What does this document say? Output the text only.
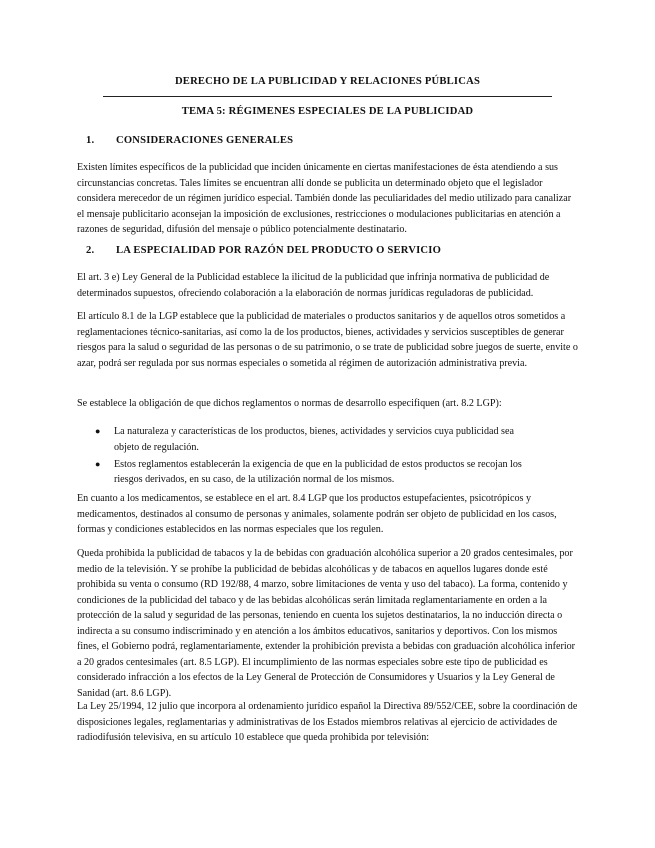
DERECHO DE LA PUBLICIDAD Y RELACIONES PÚBLICAS
TEMA 5: RÉGIMENES ESPECIALES DE LA PUBLICIDAD
1. CONSIDERACIONES GENERALES

Existen límites específicos de la publicidad que inciden únicamente en ciertas manifestaciones de ésta atendiendo a sus circunstancias concretas. Tales límites se encuentran allí donde se publicita un determinado objeto que el legislador considera merecedor de un régimen jurídico especial. También donde las peculiaridades del medio utilizado para canalizar el mensaje publicitario aconsejan la imposición de exclusiones, restricciones o modulaciones publicitarias en atención a razones de seguridad, difusión del mensaje o público potencialmente destinatario.

2. LA ESPECIALIDAD POR RAZÓN DEL PRODUCTO O SERVICIO

El art. 3 e) Ley General de la Publicidad establece la ilicitud de la publicidad que infrinja normativa de publicidad de determinados supuestos, ofreciendo colaboración a la elaboración de normas jurídicas reguladoras de publicidad.

El artículo 8.1 de la LGP establece que la publicidad de materiales o productos sanitarios y de aquellos otros sometidos a reglamentaciones técnico-sanitarias, así como la de los productos, bienes, actividades y servicios susceptibles de generar riesgos para la salud o seguridad de las personas o de su patrimonio, o se trate de publicidad sobre juegos de suerte, envite o azar, podrá ser regulada por sus normas especiales o sometida al régimen de autorización administrativa previa.

Se establece la obligación de que dichos reglamentos o normas de desarrollo especifiquen (art. 8.2 LGP):

● La naturaleza y características de los productos, bienes, actividades y servicios cuya publicidad sea objeto de regulación.
● Estos reglamentos establecerán la exigencia de que en la publicidad de estos productos se recojan los riesgos derivados, en su caso, de la utilización normal de los mismos.

En cuanto a los medicamentos, se establece en el art. 8.4 LGP que los productos estupefacientes, psicotrópicos y medicamentos, destinados al consumo de personas y animales, solamente podrán ser objeto de publicidad en los casos, formas y condiciones establecidos en las normas especiales que los regulen.

Queda prohibida la publicidad de tabacos y la de bebidas con graduación alcohólica superior a 20 grados centesimales, por medio de la televisión. Y se prohíbe la publicidad de bebidas alcohólicas y de tabacos en aquellos lugares donde esté prohibida su venta o consumo (RD 192/88, 4 marzo, sobre limitaciones de venta y uso del tabaco). La forma, contenido y condiciones de la publicidad del tabaco y de las bebidas alcohólicas serán limitada reglamentariamente en orden a la protección de la salud y seguridad de las personas, teniendo en cuenta los sujetos destinatarios, la no inducción directa o indirecta a su consumo indiscriminado y en atención a los ámbitos educativos, sanitarios y deportivos. Con los mismos fines, el Gobierno podrá, reglamentariamente, extender la prohibición prevista a bebidas con graduación alcohólica inferior a 20 grados centesimales (art. 8.5 LGP). El incumplimiento de las normas especiales sobre este tipo de publicidad es considerado infracción a los efectos de la Ley General de Protección de Consumidores y Usuarios y la Ley General de Sanidad (art. 8.6 LGP).

La Ley 25/1994, 12 julio que incorpora al ordenamiento jurídico español la Directiva 89/552/CEE, sobre la coordinación de disposiciones legales, reglamentarias y administrativas de los Estados miembros relativas al ejercicio de actividades de radiodifusión televisiva, en su artículo 10 establece que queda prohibida por televisión:
